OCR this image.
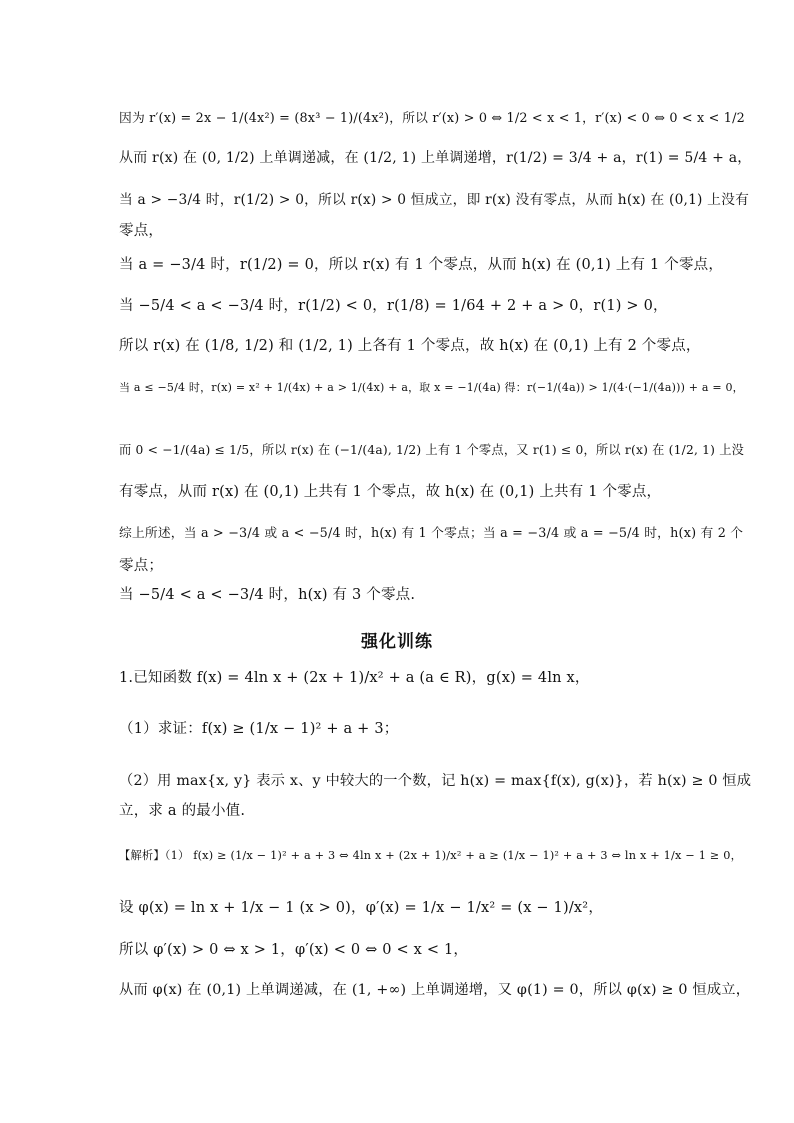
因为 r′(x) = 2x − 1/(4x²) = (8x³ − 1)/(4x²)，所以 r′(x) > 0 ⇔ 1/2 < x < 1，r′(x) < 0 ⇔ 0 < x < 1/2
从而 r(x) 在 (0, 1/2) 上单调递减，在 (1/2, 1) 上单调递增，r(1/2) = 3/4 + a，r(1) = 5/4 + a，
当 a > −3/4 时，r(1/2) > 0，所以 r(x) > 0 恒成立，即 r(x) 没有零点，从而 h(x) 在 (0,1) 上没有
零点，
当 a = −3/4 时，r(1/2) = 0，所以 r(x) 有 1 个零点，从而 h(x) 在 (0,1) 上有 1 个零点，
当 −5/4 < a < −3/4 时，r(1/2) < 0，r(1/8) = 1/64 + 2 + a > 0，r(1) > 0，
所以 r(x) 在 (1/8, 1/2) 和 (1/2, 1) 上各有 1 个零点，故 h(x) 在 (0,1) 上有 2 个零点，
当 a ≤ −5/4 时，r(x) = x² + 1/(4x) + a > 1/(4x) + a，取 x = −1/(4a) 得：r(−1/(4a)) > 1/(4·(−1/(4a))) + a = 0，
而 0 < −1/(4a) ≤ 1/5，所以 r(x) 在 (−1/(4a), 1/2) 上有 1 个零点，又 r(1) ≤ 0，所以 r(x) 在 (1/2, 1) 上没
有零点，从而 r(x) 在 (0,1) 上共有 1 个零点，故 h(x) 在 (0,1) 上共有 1 个零点，
综上所述，当 a > −3/4 或 a < −5/4 时，h(x) 有 1 个零点；当 a = −3/4 或 a = −5/4 时，h(x) 有 2 个
零点；
当 −5/4 < a < −3/4 时，h(x) 有 3 个零点.
强化训练
1.已知函数 f(x) = 4ln x + (2x + 1)/x² + a (a ∈ R)，g(x) = 4ln x，
（1）求证：f(x) ≥ (1/x − 1)² + a + 3；
（2）用 max{x, y} 表示 x、y 中较大的一个数，记 h(x) = max{f(x), g(x)}，若 h(x) ≥ 0 恒成
立，求 a 的最小值.
【解析】（1） f(x) ≥ (1/x − 1)² + a + 3 ⇔ 4ln x + (2x + 1)/x² + a ≥ (1/x − 1)² + a + 3 ⇔ ln x + 1/x − 1 ≥ 0，
设 φ(x) = ln x + 1/x − 1 (x > 0)，φ′(x) = 1/x − 1/x² = (x − 1)/x²，
所以 φ′(x) > 0 ⇔ x > 1，φ′(x) < 0 ⇔ 0 < x < 1，
从而 φ(x) 在 (0,1) 上单调递减，在 (1, +∞) 上单调递增，又 φ(1) = 0，所以 φ(x) ≥ 0 恒成立，
